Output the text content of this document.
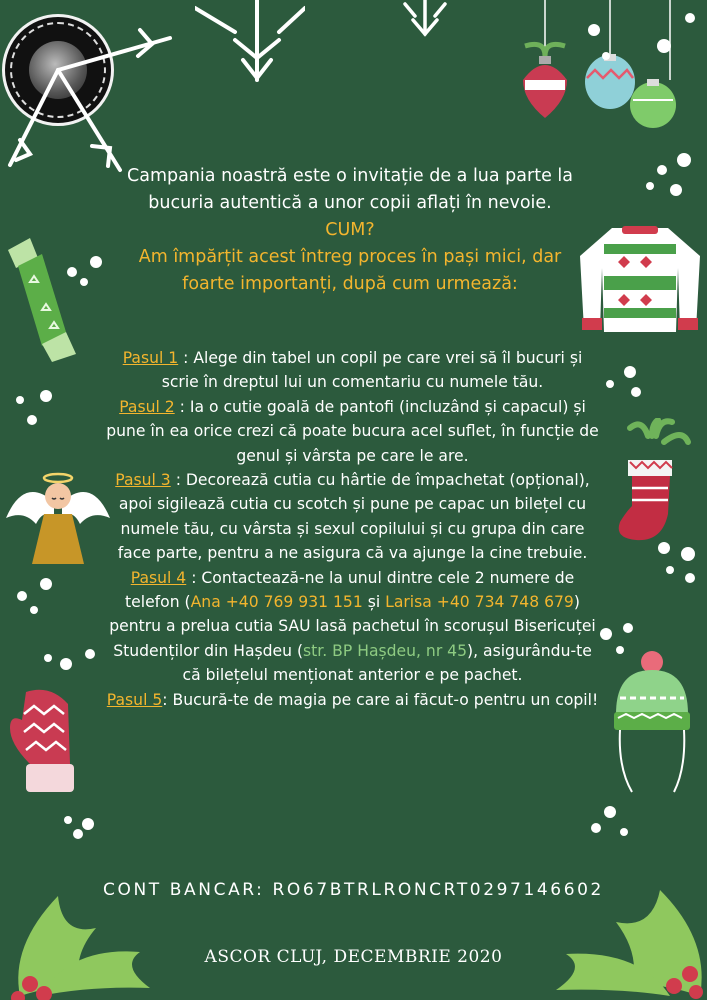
Campania noastră este o invitație de a lua parte la
bucuria autentică a unor copii aflați în nevoie.
CUM?
Am împărțit acest întreg proces în pași mici, dar
foarte importanți, după cum urmează:

Pasul 1 : Alege din tabel un copil pe care vrei să îl bucuri și scrie în dreptul lui un comentariu cu numele tău.

Pasul 2 : Ia o cutie goală de pantofi (incluzând și capacul) și pune în ea orice crezi că poate bucura acel suflet, în funcție de genul și vârsta pe care le are.

Pasul 3 : Decorează cutia cu hârtie de împachetat (opțional), apoi sigilează cutia cu scotch și pune pe capac un bilețel cu numele tău, cu vârsta și sexul copilului și cu grupa din care face parte, pentru a ne asigura că va ajunge la cine trebuie.

Pasul 4 : Contactează-ne la unul dintre cele 2 numere de telefon (Ana +40 769 931 151 și Larisa +40 734 748 679) pentru a prelua cutia SAU lasă pachetul în scorușul Bisericuței Studenților din Hașdeu (str. BP Hașdeu, nr 45), asigurându-te că bilețelul menționat anterior e pe pachet.

Pasul 5: Bucură-te de magia pe care ai făcut-o pentru un copil!

CONT BANCAR: RO67BTRLRONCRT0297146602
ASCOR CLUJ, DECEMBRIE 2020
